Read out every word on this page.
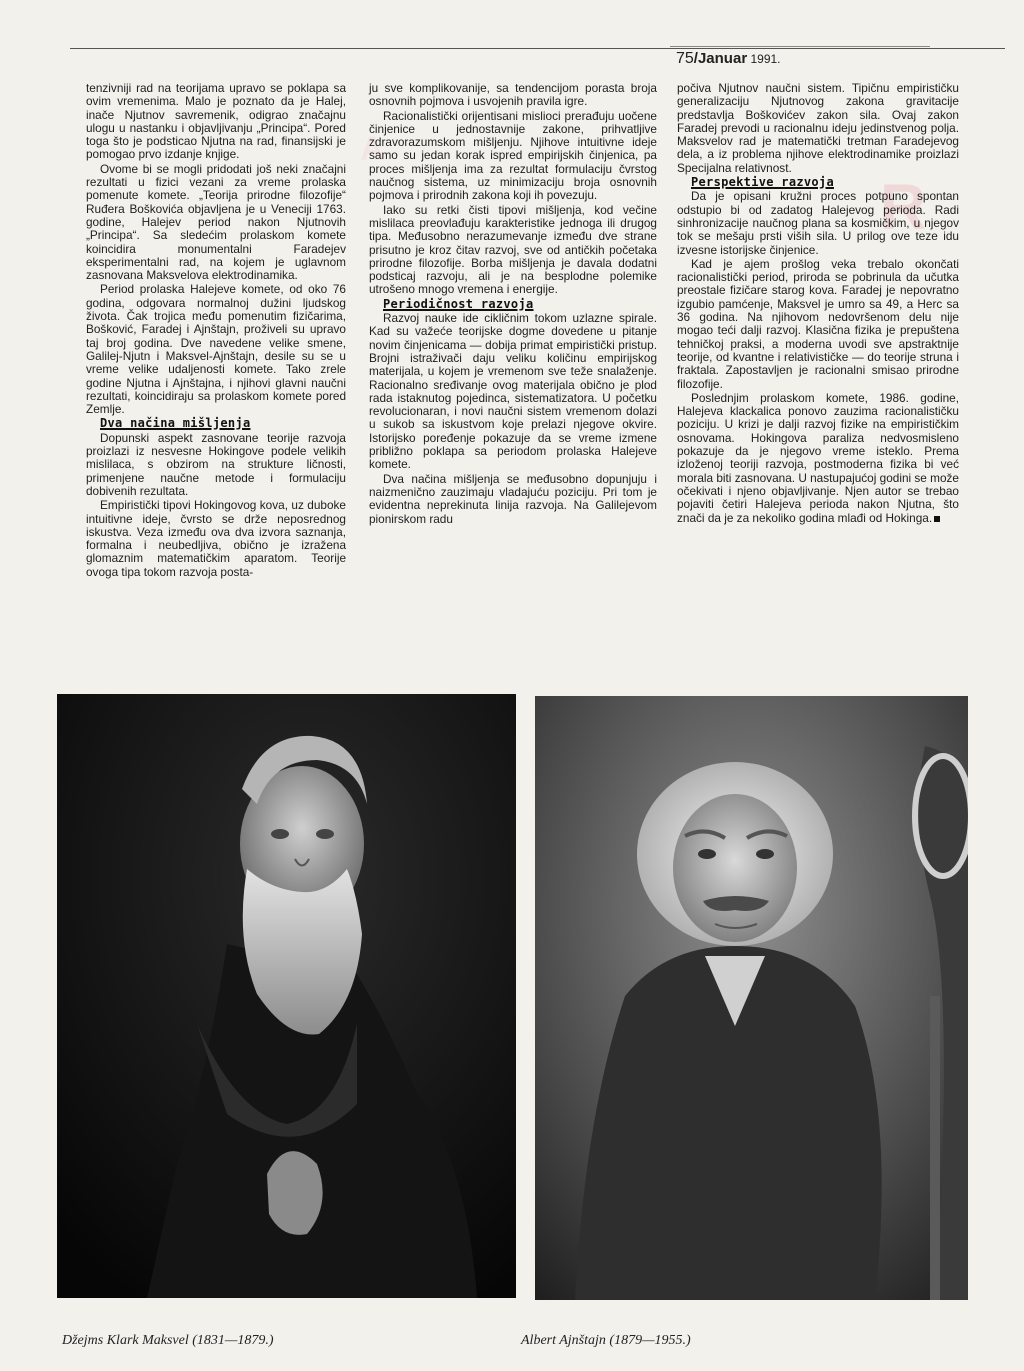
R
A
75/Januar 1991.

tenzivniji rad na teorijama upravo se poklapa sa ovim vremenima. Malo je poznato da je Halej, inače Njutnov savremenik, odigrao značajnu ulogu u nastanku i objavljivanju „Principa“. Pored toga što je podsticao Njutna na rad, finansijski je pomogao prvo izdanje knjige.

Ovome bi se mogli pridodati još neki značajni rezultati u fizici vezani za vreme prolaska pomenute komete. „Teorija prirodne filozofije“ Ruđera Boškovića objavljena je u Veneciji 1763. godine, Halejev period nakon Njutnovih „Principa“. Sa sledećim prolaskom komete koincidira monumentalni Faradejev eksperimentalni rad, na kojem je uglavnom zasnovana Maksvelova elektrodinamika.

Period prolaska Halejeve komete, od oko 76 godina, odgovara normalnoj dužini ljudskog života. Čak trojica među pomenutim fizičarima, Bošković, Faradej i Ajnštajn, proživeli su upravo taj broj godina. Dve navedene velike smene, Galilej-Njutn i Maksvel-Ajnštajn, desile su se u vreme velike udaljenosti komete. Tako zrele godine Njutna i Ajnštajna, i njihovi glavni naučni rezultati, koincidiraju sa prolaskom komete pored Zemlje.

Dva načina mišljenja

Dopunski aspekt zasnovane teorije razvoja proizlazi iz nesvesne Hokingove podele velikih mislilaca, s obzirom na strukture ličnosti, primenjene naučne metode i formulaciju dobivenih rezultata.

Empiristički tipovi Hokingovog kova, uz duboke intuitivne ideje, čvrsto se drže neposrednog iskustva. Veza između ova dva izvora saznanja, formalna i neubedljiva, obično je izražena glomaznim matematičkim aparatom. Teorije ovoga tipa tokom razvoja posta-

ju sve komplikovanije, sa tendencijom porasta broja osnovnih pojmova i usvojenih pravila igre.

Racionalistički orijentisani mislioci prerađuju uočene činjenice u jednostavnije zakone, prihvatljive zdravorazumskom mišljenju. Njihove intuitivne ideje samo su jedan korak ispred empirijskih činjenica, pa proces mišljenja ima za rezultat formulaciju čvrstog naučnog sistema, uz minimizaciju broja osnovnih pojmova i prirodnih zakona koji ih povezuju.

Iako su retki čisti tipovi mišljenja, kod večine mislilaca preovlađuju karakteristike jednoga ili drugog tipa. Međusobno nerazumevanje između dve strane prisutno je kroz čitav razvoj, sve od antičkih početaka prirodne filozofije. Borba mišljenja je davala dodatni podsticaj razvoju, ali je na besplodne polemike utrošeno mnogo vremena i energije.

Periodičnost razvoja

Razvoj nauke ide cikličnim tokom uzlazne spirale. Kad su važeće teorijske dogme dovedene u pitanje novim činjenicama — dobija primat empiristički pristup. Brojni istraživači daju veliku količinu empirijskog materijala, u kojem je vremenom sve teže snalaženje. Racionalno sređivanje ovog materijala obično je plod rada istaknutog pojedinca, sistematizatora. U početku revolucionaran, i novi naučni sistem vremenom dolazi u sukob sa iskustvom koje prelazi njegove okvire. Istorijsko poređenje pokazuje da se vreme izmene približno poklapa sa periodom prolaska Halejeve komete.

Dva načina mišljenja se međusobno dopunjuju i naizmenično zauzimaju vladajuću poziciju. Pri tom je evidentna neprekinuta linija razvoja. Na Galilejevom pionirskom radu

počiva Njutnov naučni sistem. Tipičnu empirističku generalizaciju Njutnovog zakona gravitacije predstavlja Boškovićev zakon sila. Ovaj zakon Faradej prevodi u racionalnu ideju jedinstvenog polja. Maksvelov rad je matematički tretman Faradejevog dela, a iz problema njihove elektrodinamike proizlazi Specijalna relativnost.

Perspektive razvoja

Da je opisani kružni proces potpuno spontan odstupio bi od zadatog Halejevog perioda. Radi sinhronizacije naučnog plana sa kosmičkim, u njegov tok se mešaju prsti viših sila. U prilog ove teze idu izvesne istorijske činjenice.

Kad je ajem prošlog veka trebalo okončati racionalistički period, priroda se pobrinula da učutka preostale fizičare starog kova. Faradej je nepovratno izgubio pamćenje, Maksvel je umro sa 49, a Herc sa 36 godina. Na njihovom nedovršenom delu nije mogao teći dalji razvoj. Klasična fizika je prepuštena tehničkoj praksi, a moderna uvodi sve apstraktnije teorije, od kvantne i relativističke — do teorije struna i fraktala. Zapostavljen je racionalni smisao prirodne filozofije.

Poslednjim prolaskom komete, 1986. godine, Halejeva klackalica ponovo zauzima racionalističku poziciju. U krizi je dalji razvoj fizike na empirističkim osnovama. Hokingova paraliza nedvosmisleno pokazuje da je njegovo vreme isteklo. Prema izloženoj teoriji razvoja, postmoderna fizika bi već morala biti zasnovana. U nastupajućoj godini se može očekivati i njeno objavljivanje. Njen autor se trebao pojaviti četiri Halejeva perioda nakon Njutna, što znači da je za nekoliko godina mlađi od Hokinga.

Džejms Klark Maksvel (1831—1879.)	Albert Ajnštajn (1879—1955.)
